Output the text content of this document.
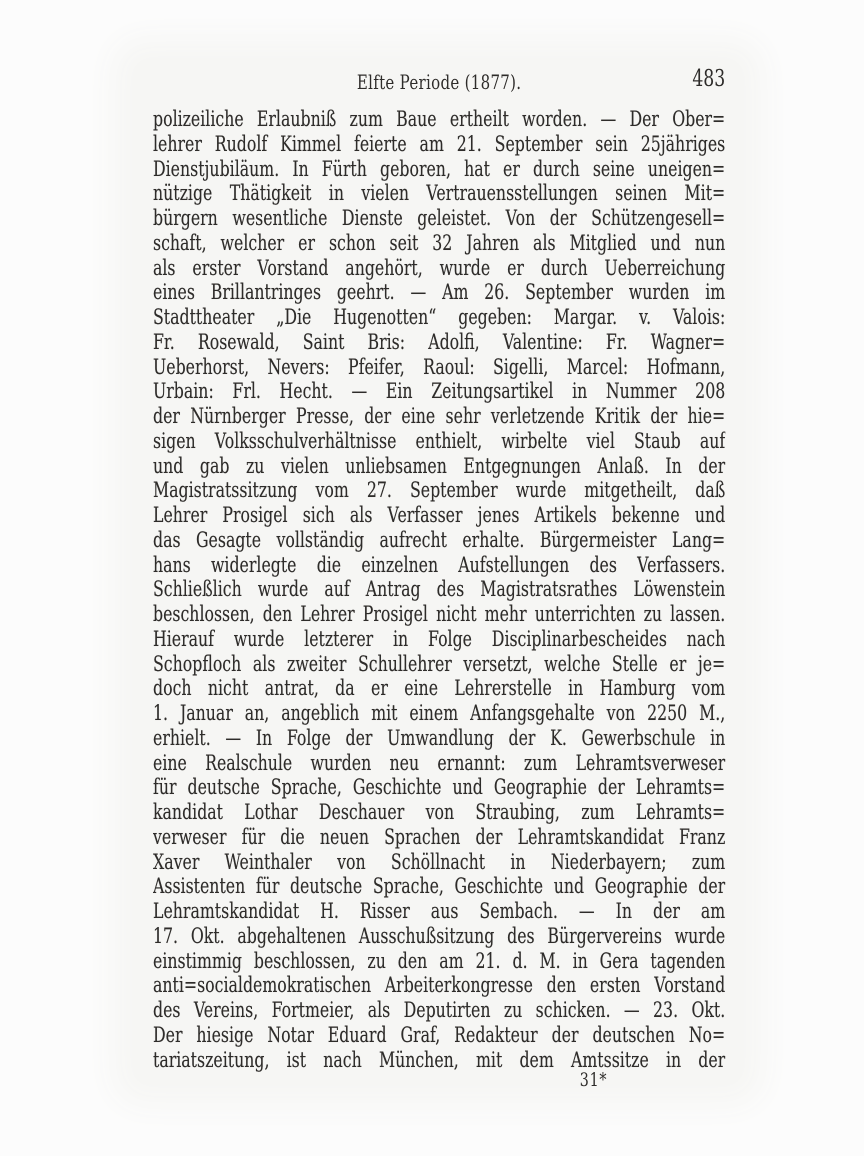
Elfte Periode (1877).	483
polizeiliche Erlaubniß zum Baue ertheilt worden. — Der Ober=
lehrer Rudolf Kimmel feierte am 21. September sein 25jähriges
Dienstjubiläum. In Fürth geboren, hat er durch seine uneigen=
nützige Thätigkeit in vielen Vertrauensstellungen seinen Mit=
bürgern wesentliche Dienste geleistet. Von der Schützengesell=
schaft, welcher er schon seit 32 Jahren als Mitglied und nun
als erster Vorstand angehört, wurde er durch Ueberreichung
eines Brillantringes geehrt. — Am 26. September wurden im
Stadttheater „Die Hugenotten“ gegeben: Margar. v. Valois:
Fr. Rosewald, Saint Bris: Adolfi, Valentine: Fr. Wagner=
Ueberhorst, Nevers: Pfeifer, Raoul: Sigelli, Marcel: Hofmann,
Urbain: Frl. Hecht. — Ein Zeitungsartikel in Nummer 208
der Nürnberger Presse, der eine sehr verletzende Kritik der hie=
sigen Volksschulverhältnisse enthielt, wirbelte viel Staub auf
und gab zu vielen unliebsamen Entgegnungen Anlaß. In der
Magistratssitzung vom 27. September wurde mitgetheilt, daß
Lehrer Prosigel sich als Verfasser jenes Artikels bekenne und
das Gesagte vollständig aufrecht erhalte. Bürgermeister Lang=
hans widerlegte die einzelnen Aufstellungen des Verfassers.
Schließlich wurde auf Antrag des Magistratsrathes Löwenstein
beschlossen, den Lehrer Prosigel nicht mehr unterrichten zu lassen.
Hierauf wurde letzterer in Folge Disciplinarbescheides nach
Schopfloch als zweiter Schullehrer versetzt, welche Stelle er je=
doch nicht antrat, da er eine Lehrerstelle in Hamburg vom
1. Januar an, angeblich mit einem Anfangsgehalte von 2250 M.,
erhielt. — In Folge der Umwandlung der K. Gewerbschule in
eine Realschule wurden neu ernannt: zum Lehramtsverweser
für deutsche Sprache, Geschichte und Geographie der Lehramts=
kandidat Lothar Deschauer von Straubing, zum Lehramts=
verweser für die neuen Sprachen der Lehramtskandidat Franz
Xaver Weinthaler von Schöllnacht in Niederbayern; zum
Assistenten für deutsche Sprache, Geschichte und Geographie der
Lehramtskandidat H. Risser aus Sembach. — In der am
17. Okt. abgehaltenen Ausschußsitzung des Bürgervereins wurde
einstimmig beschlossen, zu den am 21. d. M. in Gera tagenden
anti=socialdemokratischen Arbeiterkongresse den ersten Vorstand
des Vereins, Fortmeier, als Deputirten zu schicken. — 23. Okt.
Der hiesige Notar Eduard Graf, Redakteur der deutschen No=
tariatszeitung, ist nach München, mit dem Amtssitze in der
31*
